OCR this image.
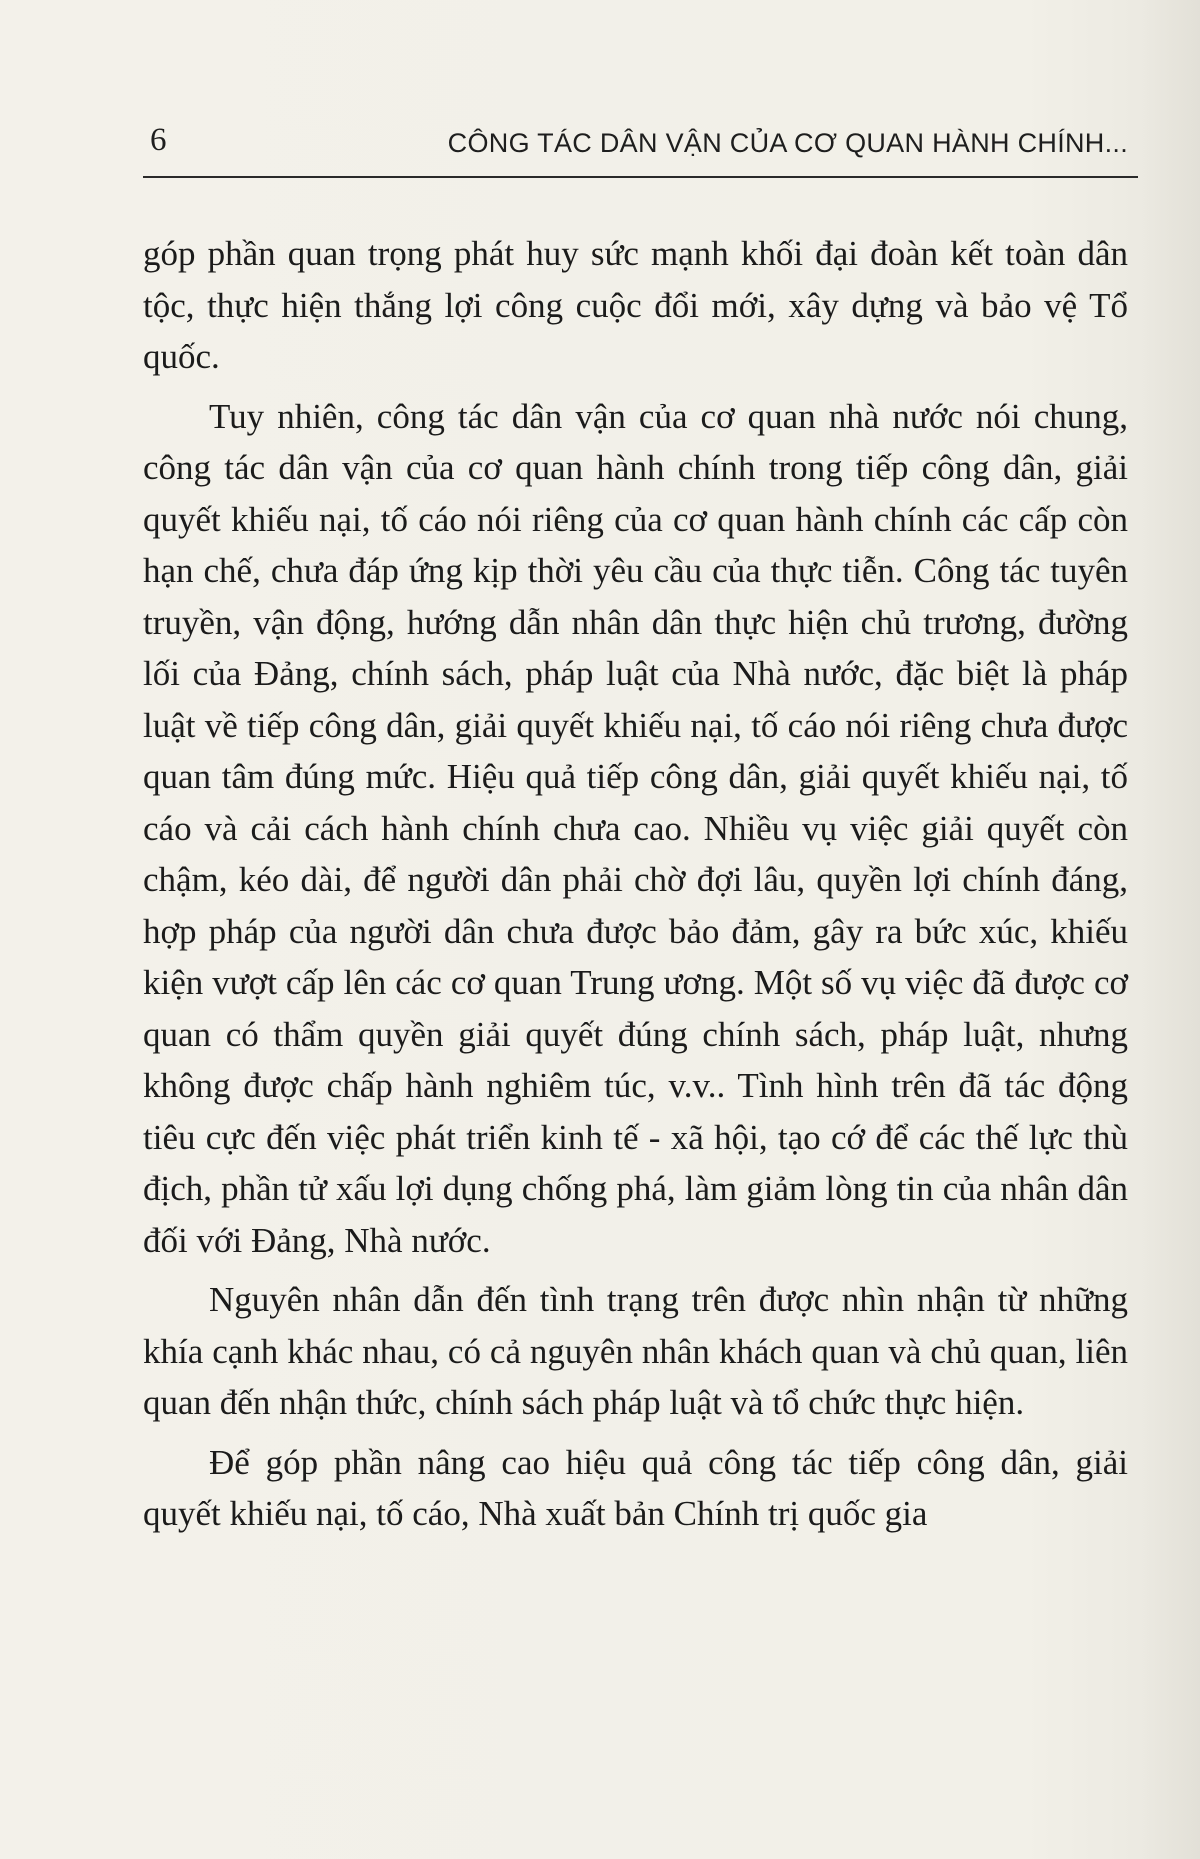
6	CÔNG TÁC DÂN VẬN CỦA CƠ QUAN HÀNH CHÍNH...

góp phần quan trọng phát huy sức mạnh khối đại đoàn kết toàn dân tộc, thực hiện thắng lợi công cuộc đổi mới, xây dựng và bảo vệ Tổ quốc.

Tuy nhiên, công tác dân vận của cơ quan nhà nước nói chung, công tác dân vận của cơ quan hành chính trong tiếp công dân, giải quyết khiếu nại, tố cáo nói riêng của cơ quan hành chính các cấp còn hạn chế, chưa đáp ứng kịp thời yêu cầu của thực tiễn. Công tác tuyên truyền, vận động, hướng dẫn nhân dân thực hiện chủ trương, đường lối của Đảng, chính sách, pháp luật của Nhà nước, đặc biệt là pháp luật về tiếp công dân, giải quyết khiếu nại, tố cáo nói riêng chưa được quan tâm đúng mức. Hiệu quả tiếp công dân, giải quyết khiếu nại, tố cáo và cải cách hành chính chưa cao. Nhiều vụ việc giải quyết còn chậm, kéo dài, để người dân phải chờ đợi lâu, quyền lợi chính đáng, hợp pháp của người dân chưa được bảo đảm, gây ra bức xúc, khiếu kiện vượt cấp lên các cơ quan Trung ương. Một số vụ việc đã được cơ quan có thẩm quyền giải quyết đúng chính sách, pháp luật, nhưng không được chấp hành nghiêm túc, v.v.. Tình hình trên đã tác động tiêu cực đến việc phát triển kinh tế - xã hội, tạo cớ để các thế lực thù địch, phần tử xấu lợi dụng chống phá, làm giảm lòng tin của nhân dân đối với Đảng, Nhà nước.

Nguyên nhân dẫn đến tình trạng trên được nhìn nhận từ những khía cạnh khác nhau, có cả nguyên nhân khách quan và chủ quan, liên quan đến nhận thức, chính sách pháp luật và tổ chức thực hiện.

Để góp phần nâng cao hiệu quả công tác tiếp công dân, giải quyết khiếu nại, tố cáo, Nhà xuất bản Chính trị quốc gia
